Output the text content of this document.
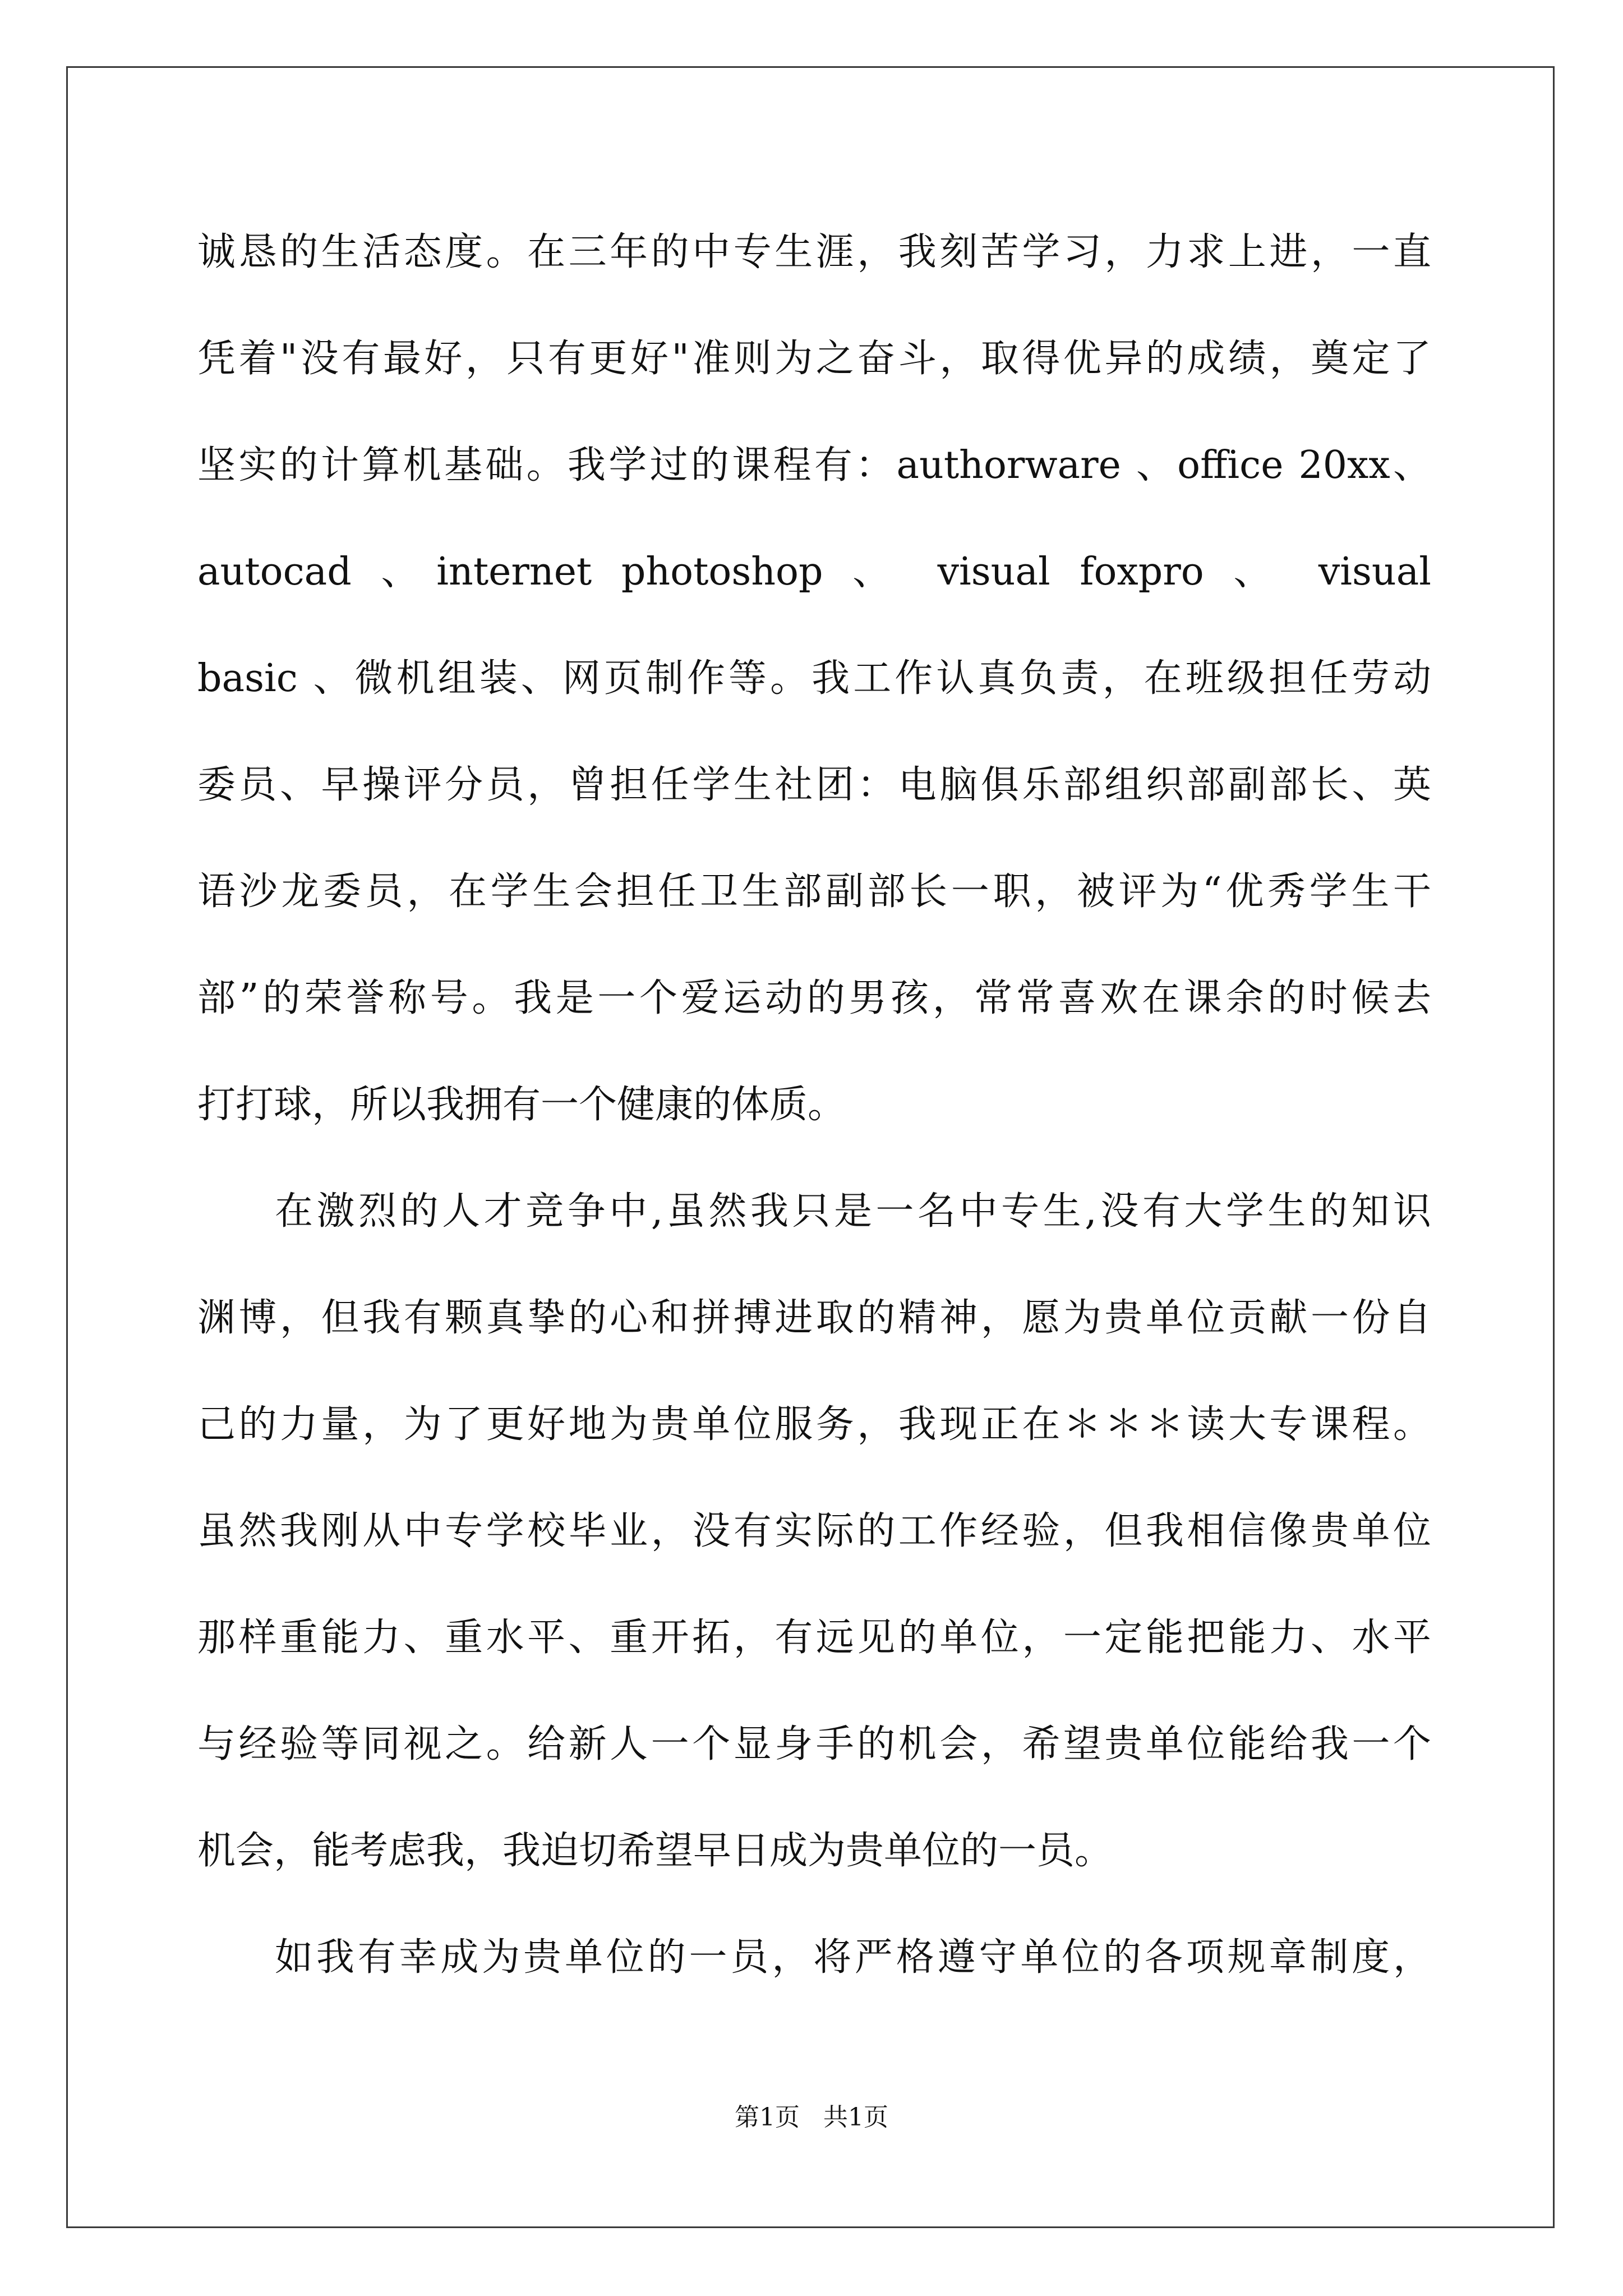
诚恳的生活态度。在三年的中专生涯，我刻苦学习，力求上进，一直
凭着"没有最好，只有更好"准则为之奋斗，取得优异的成绩，奠定了
坚实的计算机基础。我学过的课程有：authorware 、office 20xx、
autocad 、internet photoshop 、 visual foxpro 、 visual
basic 、微机组装、网页制作等。我工作认真负责，在班级担任劳动
委员、早操评分员，曾担任学生社团：电脑俱乐部组织部副部长、英
语沙龙委员，在学生会担任卫生部副部长一职，被评为“优秀学生干
部”的荣誉称号。我是一个爱运动的男孩，常常喜欢在课余的时候去
打打球，所以我拥有一个健康的体质。
在激烈的人才竞争中,虽然我只是一名中专生,没有大学生的知识
渊博，但我有颗真挚的心和拼搏进取的精神，愿为贵单位贡献一份自
己的力量，为了更好地为贵单位服务，我现正在＊＊＊读大专课程。
虽然我刚从中专学校毕业，没有实际的工作经验，但我相信像贵单位
那样重能力、重水平、重开拓，有远见的单位，一定能把能力、水平
与经验等同视之。给新人一个显身手的机会，希望贵单位能给我一个
机会，能考虑我，我迫切希望早日成为贵单位的一员。
如我有幸成为贵单位的一员，将严格遵守单位的各项规章制度，
第1页   共1页
